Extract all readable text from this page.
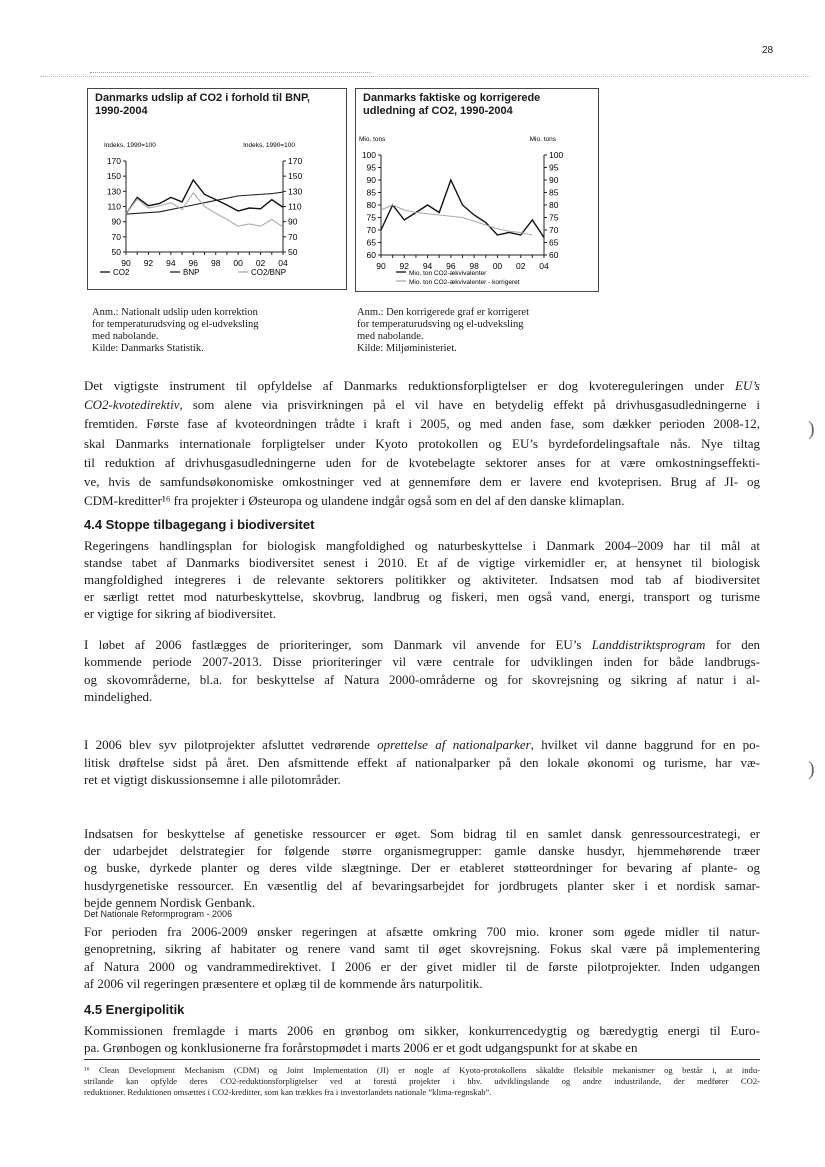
28
Danmarks udslip af CO2 i forhold til BNP, 1990-2004
Indeks, 1990=100	Indeks, 1990=100
50	50
70	70
90	90
110	110
130	130
150	150
170	170
90 92 94 96 98 00 02 04
CO2	BNP	CO2/BNP
Danmarks faktiske og korrigerede udledning af CO2, 1990-2004
Mio. tons	Mio. tons
60	60
65	65
70	70
75	75
80	80
85	85
90	90
95	95
100	100
90 92 94 96 98 00 02 04
Mio. ton CO2-ækvivalenter
Mio. ton CO2-ækvivalenter - korrigeret
Anm.: Nationalt udslip uden korrektion
for temperaturudsving og el-udveksling
med nabolande.
Kilde: Danmarks Statistik.
Anm.: Den korrigerede graf er korrigeret
for temperaturudsving og el-udveksling
med nabolande.
Kilde: Miljøministeriet.
Det vigtigste instrument til opfyldelse af Danmarks reduktionsforpligtelser er dog kvotereguleringen under EU’s
CO2-kvotedirektiv, som alene via prisvirkningen på el vil have en betydelig effekt på drivhusgasudledningerne i
fremtiden. Første fase af kvoteordningen trådte i kraft i 2005, og med anden fase, som dækker perioden 2008-12,
skal Danmarks internationale forpligtelser under Kyoto protokollen og EU’s byrdefordelingsaftale nås. Nye tiltag
til reduktion af drivhusgasudledningerne uden for de kvotebelagte sektorer anses for at være omkostningseffekti-
ve, hvis de samfundsøkonomiske omkostninger ved at gennemføre dem er lavere end kvoteprisen. Brug af JI- og
CDM-kreditter¹⁶ fra projekter i Østeuropa og ulandene indgår også som en del af den danske klimaplan.
4.4 Stoppe tilbagegang i biodiversitet
Regeringens handlingsplan for biologisk mangfoldighed og naturbeskyttelse i Danmark 2004–2009 har til mål at
standse tabet af Danmarks biodiversitet senest i 2010. Et af de vigtige virkemidler er, at hensynet til biologisk
mangfoldighed integreres i de relevante sektorers politikker og aktiviteter. Indsatsen mod tab af biodiversitet
er særligt rettet mod naturbeskyttelse, skovbrug, landbrug og fiskeri, men også vand, energi, transport og turisme
er vigtige for sikring af biodiversitet.
I løbet af 2006 fastlægges de prioriteringer, som Danmark vil anvende for EU’s Landdistriktsprogram for den
kommende periode 2007-2013. Disse prioriteringer vil være centrale for udviklingen inden for både landbrugs-
og skovområderne, bl.a. for beskyttelse af Natura 2000-områderne og for skovrejsning og sikring af natur i al-
mindelighed.
I 2006 blev syv pilotprojekter afsluttet vedrørende oprettelse af nationalparker, hvilket vil danne baggrund for en po-
litisk drøftelse sidst på året. Den afsmittende effekt af nationalparker på den lokale økonomi og turisme, har væ-
ret et vigtigt diskussionsemne i alle pilotområder.
Indsatsen for beskyttelse af genetiske ressourcer er øget. Som bidrag til en samlet dansk genressourcestrategi, er
der udarbejdet delstrategier for følgende større organismegrupper: gamle danske husdyr, hjemmehørende træer
og buske, dyrkede planter og deres vilde slægtninge. Der er etableret støtteordninger for bevaring af plante- og
husdyrgenetiske ressourcer. En væsentlig del af bevaringsarbejdet for jordbrugets planter sker i et nordisk samar-
bejde gennem Nordisk Genbank.
Det Nationale Reformprogram - 2006
For perioden fra 2006-2009 ønsker regeringen at afsætte omkring 700 mio. kroner som øgede midler til natur-
genopretning, sikring af habitater og renere vand samt til øget skovrejsning. Fokus skal være på implementering
af Natura 2000 og vandrammedirektivet. I 2006 er der givet midler til de første pilotprojekter. Inden udgangen
af 2006 vil regeringen præsentere et oplæg til de kommende års naturpolitik.
4.5 Energipolitik
Kommissionen fremlagde i marts 2006 en grønbog om sikker, konkurrencedygtig og bæredygtig energi til Euro-
pa. Grønbogen og konklusionerne fra forårstopmødet i marts 2006 er et godt udgangspunkt for at skabe en
¹⁶ Clean Development Mechanism (CDM) og Joint Implementation (JI) er nogle af Kyoto-protokollens såkaldte fleksible mekanismer og består i, at indu-
strilande kan opfylde deres CO2-reduktionsforpligtelser ved at forestå projekter i hhv. udviklingslande og andre industrilande, der medfører CO2-
reduktioner. Reduktionen omsættes i CO2-kreditter, som kan trækkes fra i investorlandets nationale ”klima-regnskab”.
)
)
